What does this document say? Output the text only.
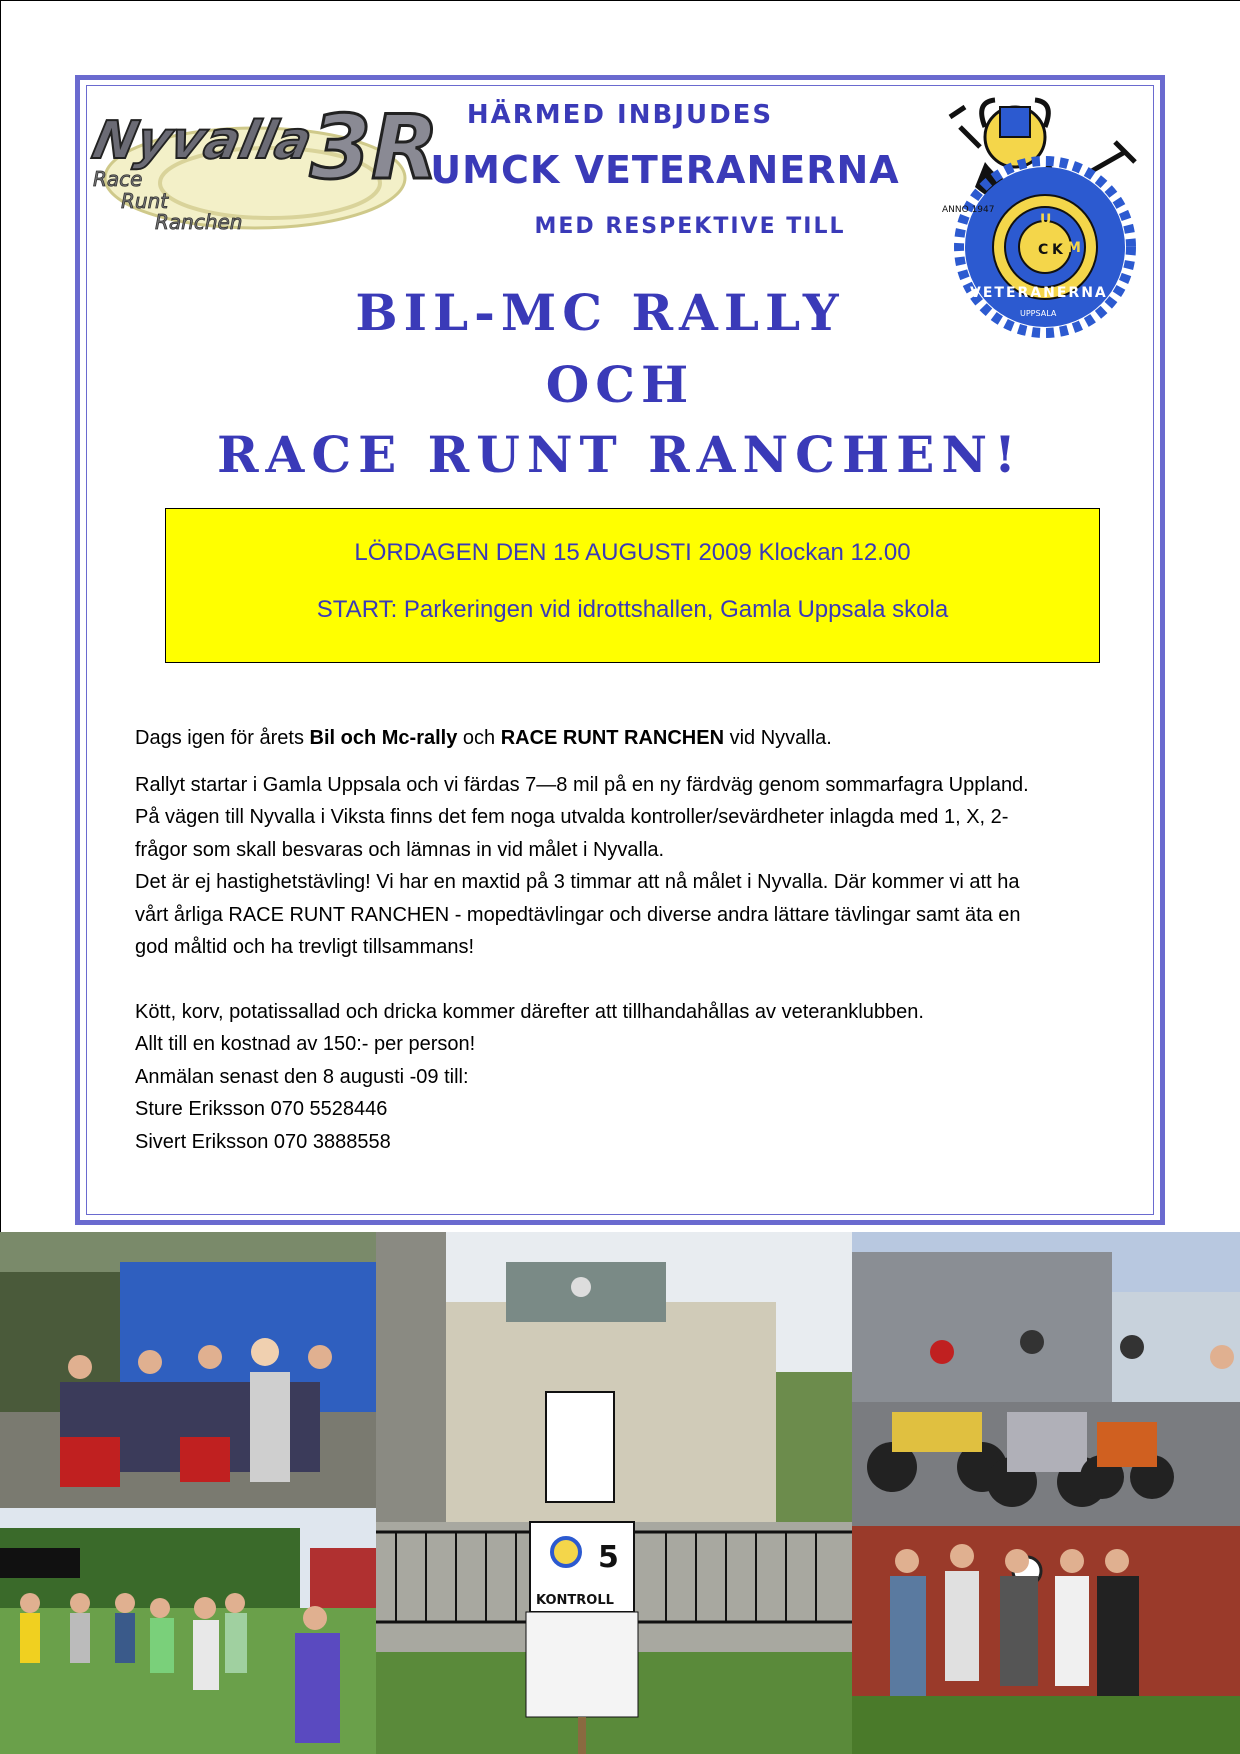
Nyvalla
3R
Race
Runt
Ranchen
HÄRMED INBJUDES
UMCK VETERANERNA
MED RESPEKTIVE TILL	U
M
C K
ANNO 1947
VETERANERNA
UPPSALA
BIL-MC RALLY
OCH
RACE RUNT RANCHEN!
LÖRDAGEN DEN 15 AUGUSTI 2009 Klockan 12.00
START: Parkeringen vid idrottshallen, Gamla Uppsala skola

Dags igen för årets Bil och Mc-rally och RACE RUNT RANCHEN vid Nyvalla.

Rallyt startar i Gamla Uppsala och vi färdas 7—8 mil på en ny färdväg genom sommarfagra Uppland.

På vägen till Nyvalla i Viksta finns det fem noga utvalda kontroller/sevärdheter inlagda med 1, X, 2-

frågor som skall besvaras och lämnas in vid målet i Nyvalla.

Det är ej hastighetstävling! Vi har en maxtid på 3 timmar att nå målet i Nyvalla. Där kommer vi att ha

vårt årliga RACE RUNT RANCHEN - mopedtävlingar och diverse andra lättare tävlingar samt äta en

god måltid och ha trevligt tillsammans!

Kött, korv, potatissallad och dricka kommer därefter att tillhandahållas av veteranklubben.

Allt till en kostnad av 150:- per person!

Anmälan senast den 8 augusti -09 till:

Sture Eriksson 070 5528446

Sivert Eriksson 070 3888558

5
KONTROLL
